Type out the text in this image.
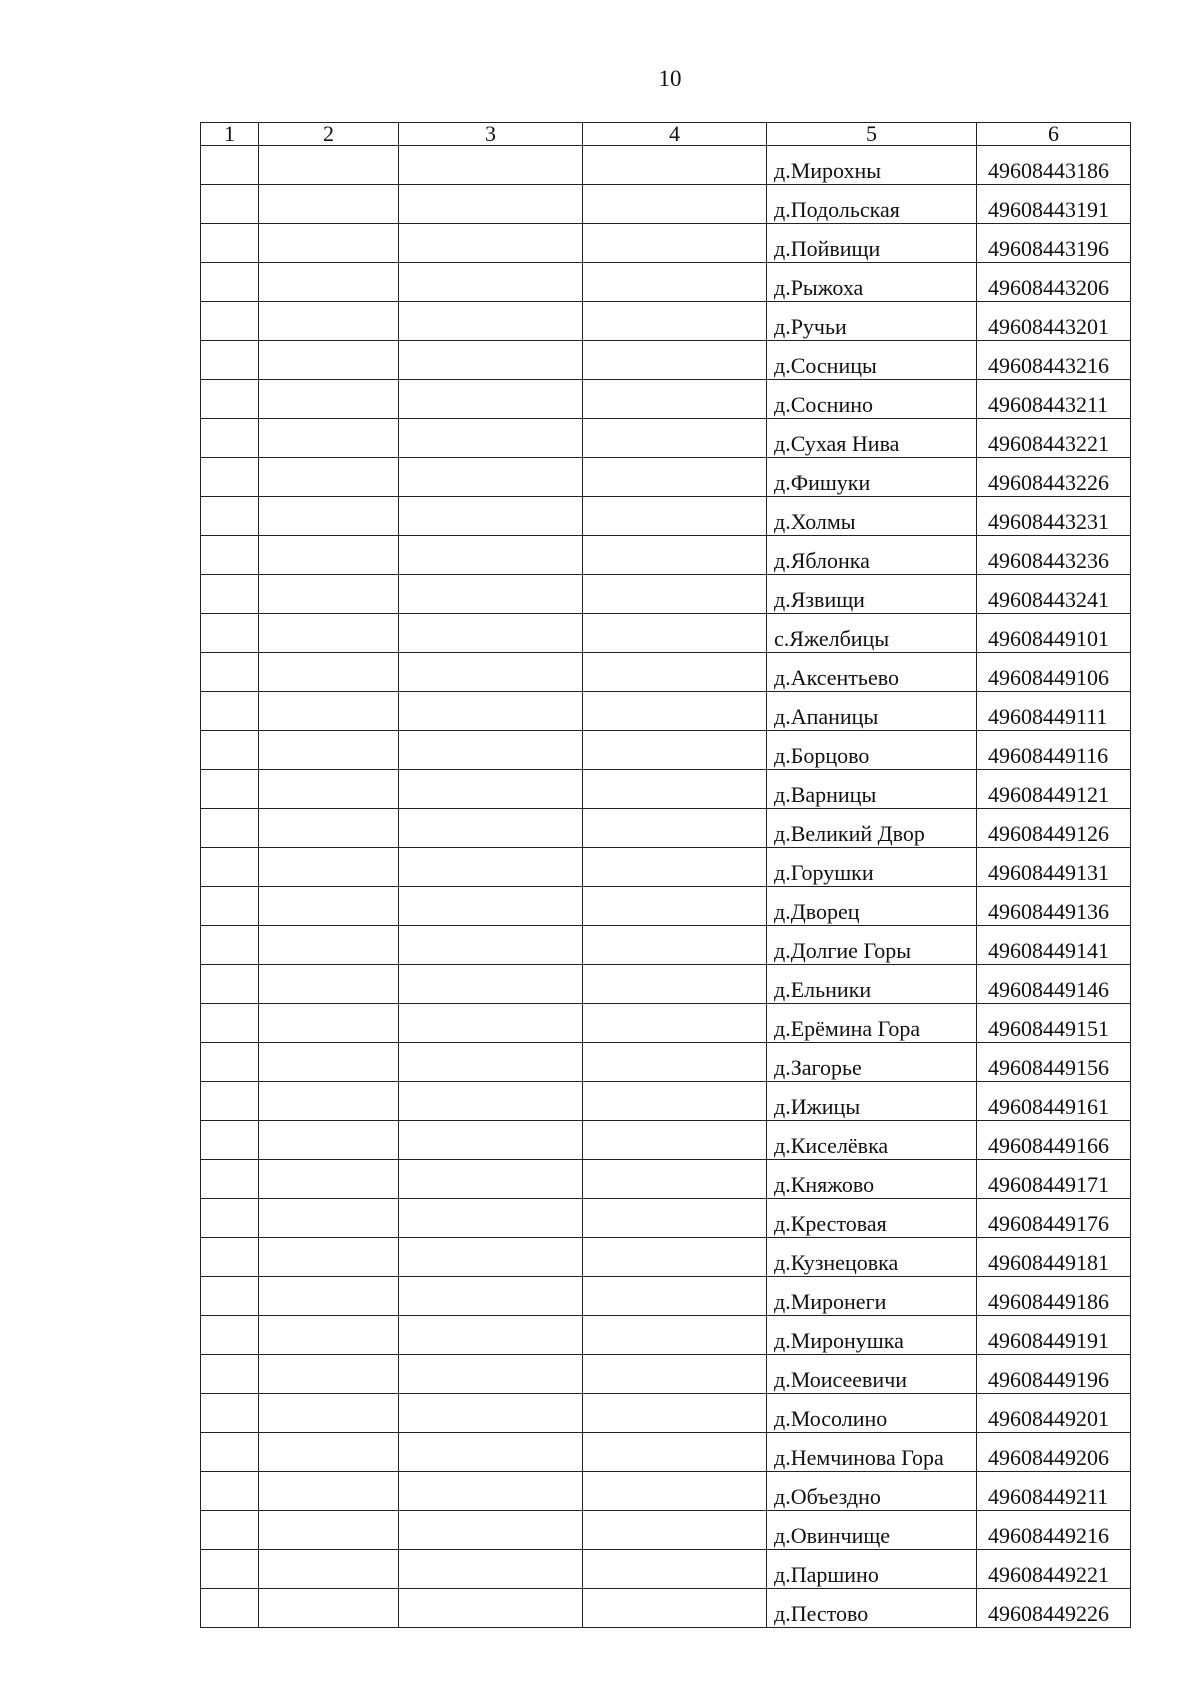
10
1	2	3	4	5	6
				д.Мирохны	49608443186
				д.Подольская	49608443191
				д.Пойвищи	49608443196
				д.Рыжоха	49608443206
				д.Ручьи	49608443201
				д.Сосницы	49608443216
				д.Соснино	49608443211
				д.Сухая Нива	49608443221
				д.Фишуки	49608443226
				д.Холмы	49608443231
				д.Яблонка	49608443236
				д.Язвищи	49608443241
				с.Яжелбицы	49608449101
				д.Аксентьево	49608449106
				д.Апаницы	49608449111
				д.Борцово	49608449116
				д.Варницы	49608449121
				д.Великий Двор	49608449126
				д.Горушки	49608449131
				д.Дворец	49608449136
				д.Долгие Горы	49608449141
				д.Ельники	49608449146
				д.Ерёмина Гора	49608449151
				д.Загорье	49608449156
				д.Ижицы	49608449161
				д.Киселёвка	49608449166
				д.Княжово	49608449171
				д.Крестовая	49608449176
				д.Кузнецовка	49608449181
				д.Миронеги	49608449186
				д.Миронушка	49608449191
				д.Моисеевичи	49608449196
				д.Мосолино	49608449201
				д.Немчинова Гора	49608449206
				д.Объездно	49608449211
				д.Овинчище	49608449216
				д.Паршино	49608449221
				д.Пестово	49608449226
